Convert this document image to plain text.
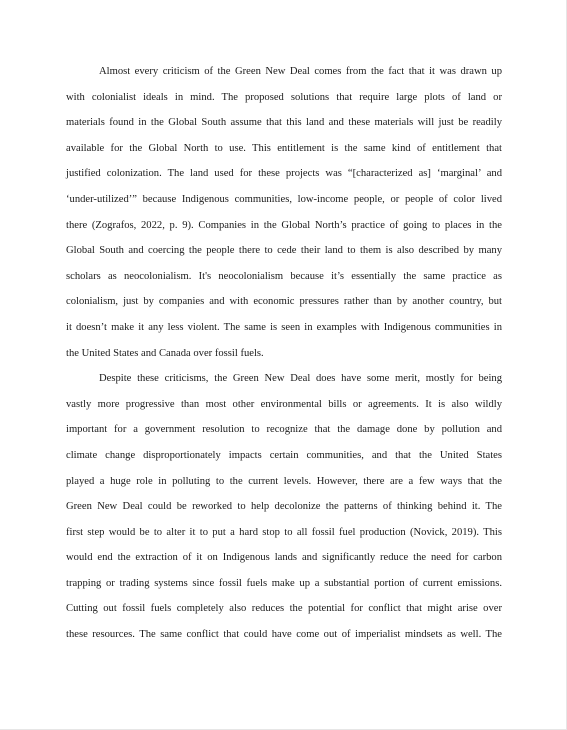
Almost every criticism of the Green New Deal comes from the fact that it was drawn up
with colonialist ideals in mind. The proposed solutions that require large plots of land or
materials found in the Global South assume that this land and these materials will just be readily
available for the Global North to use. This entitlement is the same kind of entitlement that
justified colonization. The land used for these projects was “[characterized as] ‘marginal’ and
‘under-utilized’” because Indigenous communities, low-income people, or people of color lived
there (Zografos, 2022, p. 9). Companies in the Global North’s practice of going to places in the
Global South and coercing the people there to cede their land to them is also described by many
scholars as neocolonialism. It's neocolonialism because it’s essentially the same practice as
colonialism, just by companies and with economic pressures rather than by another country, but
it doesn’t make it any less violent. The same is seen in examples with Indigenous communities in
the United States and Canada over fossil fuels.
Despite these criticisms, the Green New Deal does have some merit, mostly for being
vastly more progressive than most other environmental bills or agreements. It is also wildly
important for a government resolution to recognize that the damage done by pollution and
climate change disproportionately impacts certain communities, and that the United States
played a huge role in polluting to the current levels. However, there are a few ways that the
Green New Deal could be reworked to help decolonize the patterns of thinking behind it. The
first step would be to alter it to put a hard stop to all fossil fuel production (Novick, 2019). This
would end the extraction of it on Indigenous lands and significantly reduce the need for carbon
trapping or trading systems since fossil fuels make up a substantial portion of current emissions.
Cutting out fossil fuels completely also reduces the potential for conflict that might arise over
these resources. The same conflict that could have come out of imperialist mindsets as well. The
